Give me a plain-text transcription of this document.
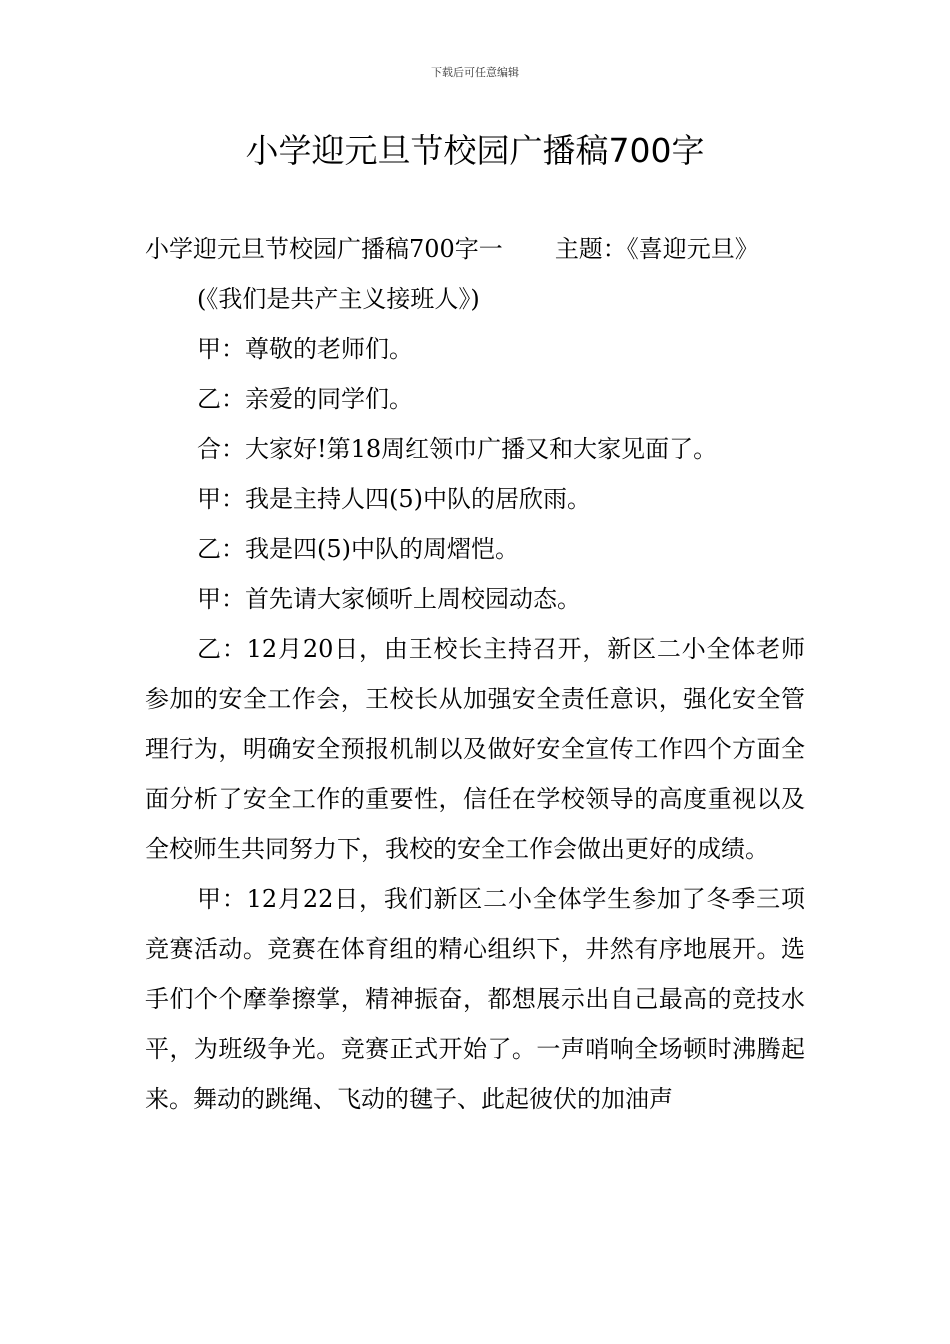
下载后可任意编辑
小学迎元旦节校园广播稿700字

小学迎元旦节校园广播稿700字一 主题：《喜迎元旦》

(《我们是共产主义接班人》)

甲：尊敬的老师们。

乙：亲爱的同学们。

合：大家好!第18周红领巾广播又和大家见面了。

甲：我是主持人四(5)中队的居欣雨。

乙：我是四(5)中队的周熠恺。

甲：首先请大家倾听上周校园动态。

乙：12月20日，由王校长主持召开，新区二小全体老师参加的安全工作会，王校长从加强安全责任意识，强化安全管理行为，明确安全预报机制以及做好安全宣传工作四个方面全面分析了安全工作的重要性，信任在学校领导的高度重视以及全校师生共同努力下，我校的安全工作会做出更好的成绩。

甲：12月22日，我们新区二小全体学生参加了冬季三项竞赛活动。竞赛在体育组的精心组织下，井然有序地展开。选手们个个摩拳擦掌，精神振奋，都想展示出自己最高的竞技水平，为班级争光。竞赛正式开始了。一声哨响全场顿时沸腾起来。舞动的跳绳、飞动的毽子、此起彼伏的加油声
